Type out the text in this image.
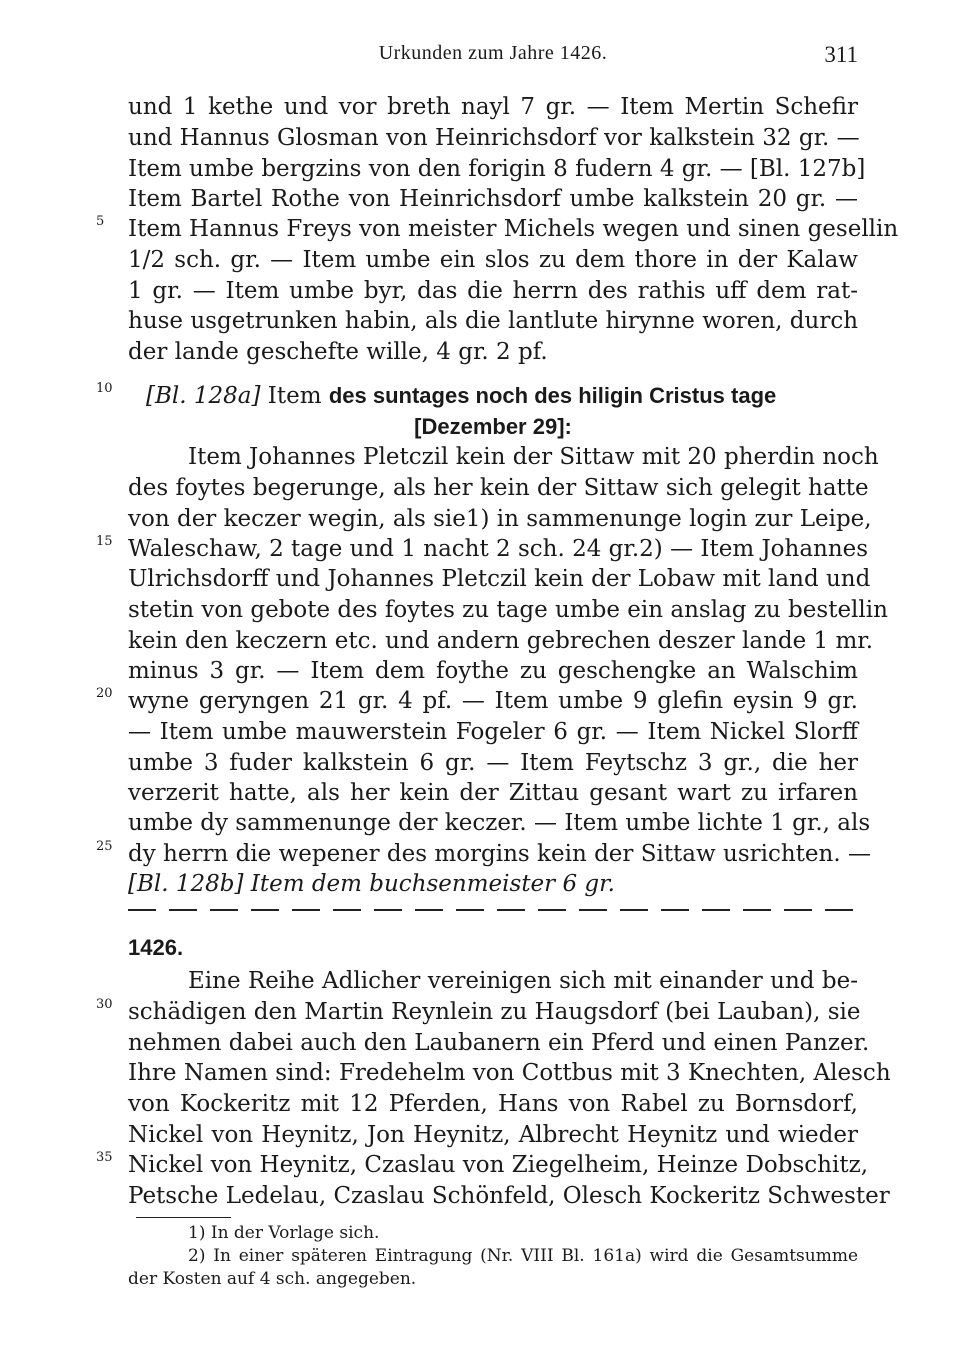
Urkunden zum Jahre 1426.	311
und 1 kethe und vor breth nayl 7 gr. — Item Mertin Schefir
und Hannus Glosman von Heinrichsdorf vor kalkstein 32 gr. —
Item umbe bergzins von den forigin 8 fudern 4 gr. — [Bl. 127b]
Item Bartel Rothe von Heinrichsdorf umbe kalkstein 20 gr. —
Item Hannus Freys von meister Michels wegen und sinen gesellin
1/2 sch. gr. — Item umbe ein slos zu dem thore in der Kalaw
1 gr. — Item umbe byr, das die herrn des rathis uff dem rat-
huse usgetrunken habin, als die lantlute hirynne woren, durch
der lande geschefte wille, 4 gr. 2 pf.
[Bl. 128a] Item des suntages noch des hiligin Cristus tage
[Dezember 29]:
Item Johannes Pletczil kein der Sittaw mit 20 pherdin noch
des foytes begerunge, als her kein der Sittaw sich gelegit hatte
von der keczer wegin, als sie1) in sammenunge login zur Leipe,
Waleschaw, 2 tage und 1 nacht 2 sch. 24 gr.2) — Item Johannes
Ulrichsdorff und Johannes Pletczil kein der Lobaw mit land und
stetin von gebote des foytes zu tage umbe ein anslag zu bestellin
kein den keczern etc. und andern gebrechen deszer lande 1 mr.
minus 3 gr. — Item dem foythe zu geschengke an Walschim
wyne geryngen 21 gr. 4 pf. — Item umbe 9 glefin eysin 9 gr.
— Item umbe mauwerstein Fogeler 6 gr. — Item Nickel Slorff
umbe 3 fuder kalkstein 6 gr. — Item Feytschz 3 gr., die her
verzerit hatte, als her kein der Zittau gesant wart zu irfaren
umbe dy sammenunge der keczer. — Item umbe lichte 1 gr., als
dy herrn die wepener des morgins kein der Sittaw usrichten. —
[Bl. 128b] Item dem buchsenmeister 6 gr.
1426.
Eine Reihe Adlicher vereinigen sich mit einander und be-
schädigen den Martin Reynlein zu Haugsdorf (bei Lauban), sie
nehmen dabei auch den Laubanern ein Pferd und einen Panzer.
Ihre Namen sind: Fredehelm von Cottbus mit 3 Knechten, Alesch
von Kockeritz mit 12 Pferden, Hans von Rabel zu Bornsdorf,
Nickel von Heynitz, Jon Heynitz, Albrecht Heynitz und wieder
Nickel von Heynitz, Czaslau von Ziegelheim, Heinze Dobschitz,
Petsche Ledelau, Czaslau Schönfeld, Olesch Kockeritz Schwester
1) In der Vorlage sich.
2) In einer späteren Eintragung (Nr. VIII Bl. 161a) wird die Gesamtsumme
der Kosten auf 4 sch. angegeben.
5
10
15
20
25
30
35
